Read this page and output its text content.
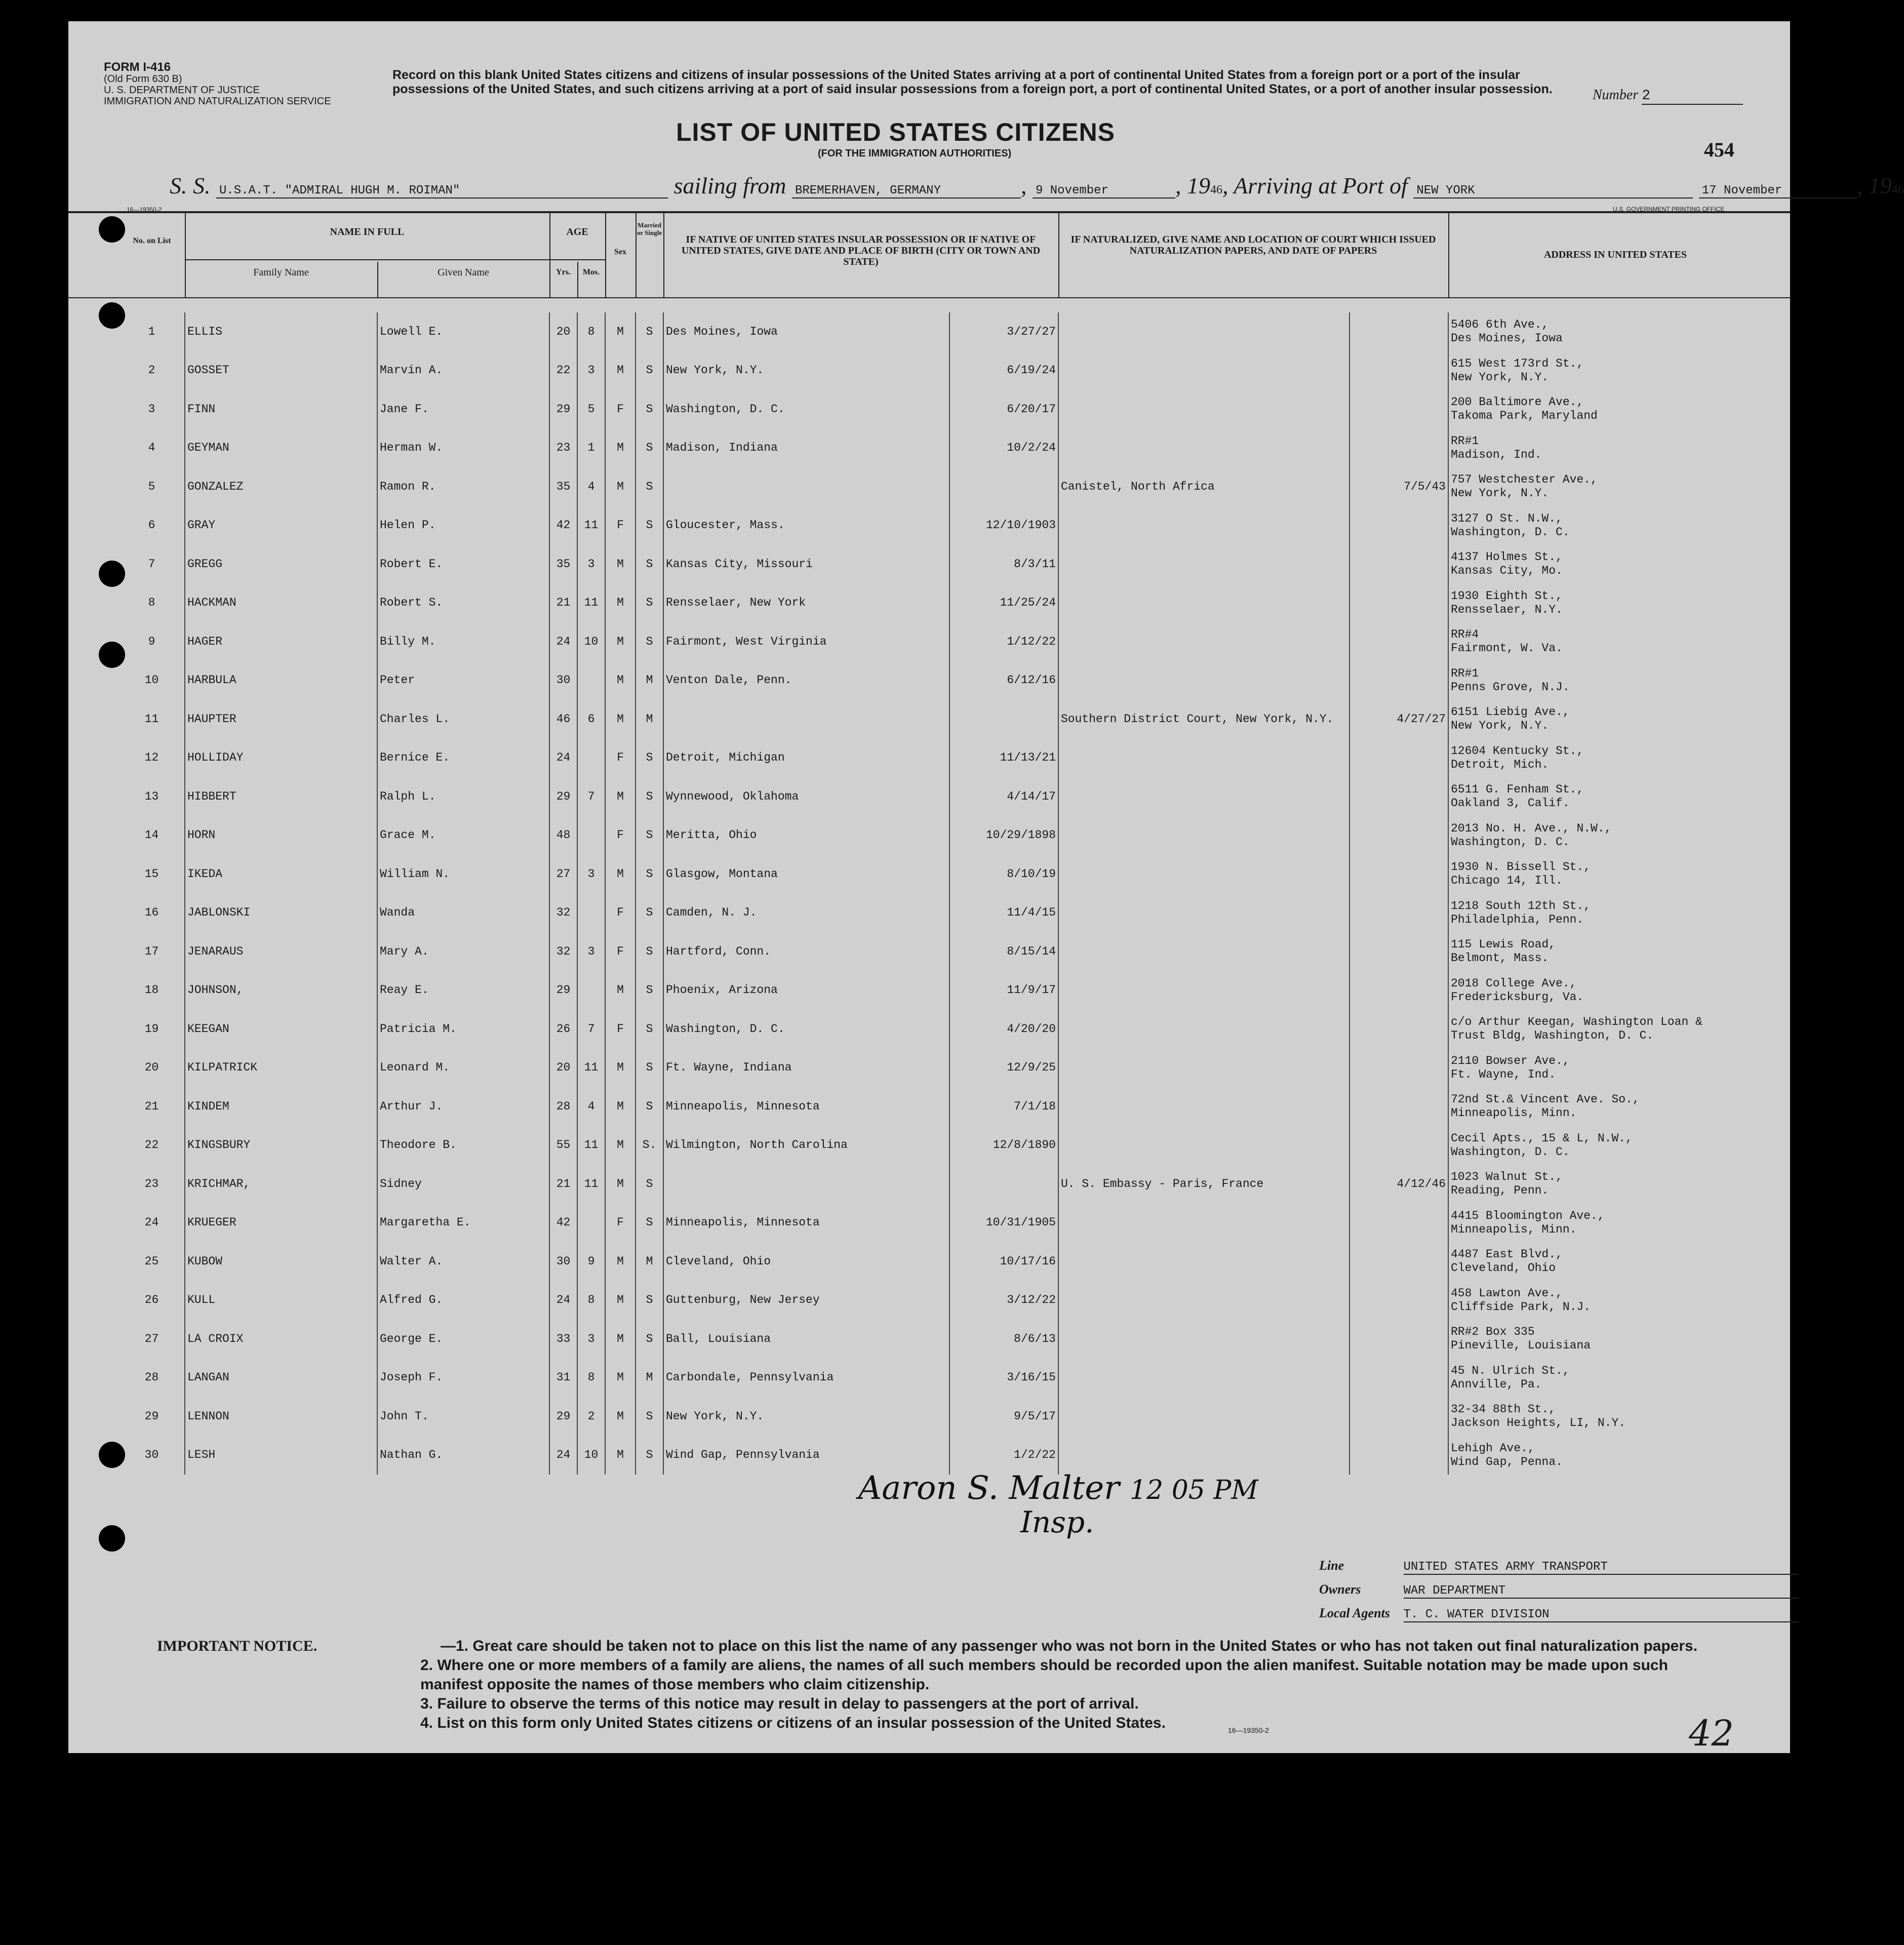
FORM I-416
(Old Form 630 B)
U. S. DEPARTMENT OF JUSTICE
IMMIGRATION AND NATURALIZATION SERVICE
Record on this blank United States citizens and citizens of insular possessions of the United States arriving at a port of continental United States from a foreign port or a port of the insular possessions of the United States, and such citizens arriving at a port of said insular possessions from a foreign port, a port of continental United States, or a port of another insular possession.	Number 2
LIST OF UNITED STATES CITIZENS
(FOR THE IMMIGRATION AUTHORITIES)	454
S. S. U.S.A.T. "ADMIRAL HUGH M. ROIMAN"	sailing from BREMERHAVEN, GERMANY	, 9 November	, 1946, Arriving at Port of NEW YORK	17 November	, 1946
16—19350-2	U.S. GOVERNMENT PRINTING OFFICE
No. on List
NAME IN FULL
Family Name	Given Name
AGE
Yrs.	Mos.
Sex
Married or Single
IF NATIVE OF UNITED STATES INSULAR POSSESSION OR IF NATIVE OF UNITED STATES, GIVE DATE AND PLACE OF BIRTH (CITY OR TOWN AND STATE)
IF NATURALIZED, GIVE NAME AND LOCATION OF COURT WHICH ISSUED NATURALIZATION PAPERS, AND DATE OF PAPERS	ADDRESS IN UNITED STATES
1	ELLIS	Lowell E.	20	8	M	S	Des Moines, Iowa	3/27/27			5406 6th Ave.,
Des Moines, Iowa

2	GOSSET	Marvin A.	22	3	M	S	New York, N.Y.	6/19/24			615 West 173rd St.,
New York, N.Y.

3	FINN	Jane F.	29	5	F	S	Washington, D. C.	6/20/17			200 Baltimore Ave.,
Takoma Park, Maryland

4	GEYMAN	Herman W.	23	1	M	S	Madison, Indiana	10/2/24			RR#1
Madison, Ind.

5	GONZALEZ	Ramon R.	35	4	M	S			Canistel, North Africa	7/5/43	757 Westchester Ave.,
New York, N.Y.

6	GRAY	Helen P.	42	11	F	S	Gloucester, Mass.	12/10/1903			3127 O St. N.W.,
Washington, D. C.

7	GREGG	Robert E.	35	3	M	S	Kansas City, Missouri	8/3/11			4137 Holmes St.,
Kansas City, Mo.

8	HACKMAN	Robert S.	21	11	M	S	Rensselaer, New York	11/25/24			1930 Eighth St.,
Rensselaer, N.Y.

9	HAGER	Billy M.	24	10	M	S	Fairmont, West Virginia	1/12/22			RR#4
Fairmont, W. Va.

10	HARBULA	Peter	30		M	M	Venton Dale, Penn.	6/12/16			RR#1
Penns Grove, N.J.

11	HAUPTER	Charles L.	46	6	M	M			Southern District Court, New York, N.Y.	4/27/27	6151 Liebig Ave.,
New York, N.Y.

12	HOLLIDAY	Bernice E.	24		F	S	Detroit, Michigan	11/13/21			12604 Kentucky St.,
Detroit, Mich.

13	HIBBERT	Ralph L.	29	7	M	S	Wynnewood, Oklahoma	4/14/17			6511 G. Fenham St.,
Oakland 3, Calif.

14	HORN	Grace M.	48		F	S	Meritta, Ohio	10/29/1898			2013 No. H. Ave., N.W.,
Washington, D. C.

15	IKEDA	William N.	27	3	M	S	Glasgow, Montana	8/10/19			1930 N. Bissell St.,
Chicago 14, Ill.

16	JABLONSKI	Wanda	32		F	S	Camden, N. J.	11/4/15			1218 South 12th St.,
Philadelphia, Penn.

17	JENARAUS	Mary A.	32	3	F	S	Hartford, Conn.	8/15/14			115 Lewis Road,
Belmont, Mass.

18	JOHNSON,	Reay E.	29		M	S	Phoenix, Arizona	11/9/17			2018 College Ave.,
Fredericksburg, Va.

19	KEEGAN	Patricia M.	26	7	F	S	Washington, D. C.	4/20/20			c/o Arthur Keegan, Washington Loan &
Trust Bldg, Washington, D. C.

20	KILPATRICK	Leonard M.	20	11	M	S	Ft. Wayne, Indiana	12/9/25			2110 Bowser Ave.,
Ft. Wayne, Ind.

21	KINDEM	Arthur J.	28	4	M	S	Minneapolis, Minnesota	7/1/18			72nd St.& Vincent Ave. So.,
Minneapolis, Minn.

22	KINGSBURY	Theodore B.	55	11	M	S.	Wilmington, North Carolina	12/8/1890			Cecil Apts., 15 & L, N.W.,
Washington, D. C.

23	KRICHMAR,	Sidney	21	11	M	S			U. S. Embassy - Paris, France	4/12/46	1023 Walnut St.,
Reading, Penn.

24	KRUEGER	Margaretha E.	42		F	S	Minneapolis, Minnesota	10/31/1905			4415 Bloomington Ave.,
Minneapolis, Minn.

25	KUBOW	Walter A.	30	9	M	M	Cleveland, Ohio	10/17/16			4487 East Blvd.,
Cleveland, Ohio

26	KULL	Alfred G.	24	8	M	S	Guttenburg, New Jersey	3/12/22			458 Lawton Ave.,
Cliffside Park, N.J.

27	LA CROIX	George E.	33	3	M	S	Ball, Louisiana	8/6/13			RR#2 Box 335
Pineville, Louisiana

28	LANGAN	Joseph F.	31	8	M	M	Carbondale, Pennsylvania	3/16/15			45 N. Ulrich St.,
Annville, Pa.

29	LENNON	John T.	29	2	M	S	New York, N.Y.	9/5/17			32-34 88th St.,
Jackson Heights, LI, N.Y.

30	LESH	Nathan G.	24	10	M	S	Wind Gap, Pennsylvania	1/2/22			Lehigh Ave.,
Wind Gap, Penna.
Aaron S. Malter 12 05 PM
Insp.
Line	UNITED STATES ARMY TRANSPORT
Owners	WAR DEPARTMENT
Local Agents T. C. WATER DIVISION
IMPORTANT NOTICE.	—1. Great care should be taken not to place on this list the name of any passenger who was not born in the United States or who has not taken out final naturalization papers.
2. Where one or more members of a family are aliens, the names of all such members should be recorded upon the alien manifest. Suitable notation may be made upon such manifest opposite the names of those members who claim citizenship.
3. Failure to observe the terms of this notice may result in delay to passengers at the port of arrival.
4. List on this form only United States citizens or citizens of an insular possession of the United States.	16—19350-2	42
